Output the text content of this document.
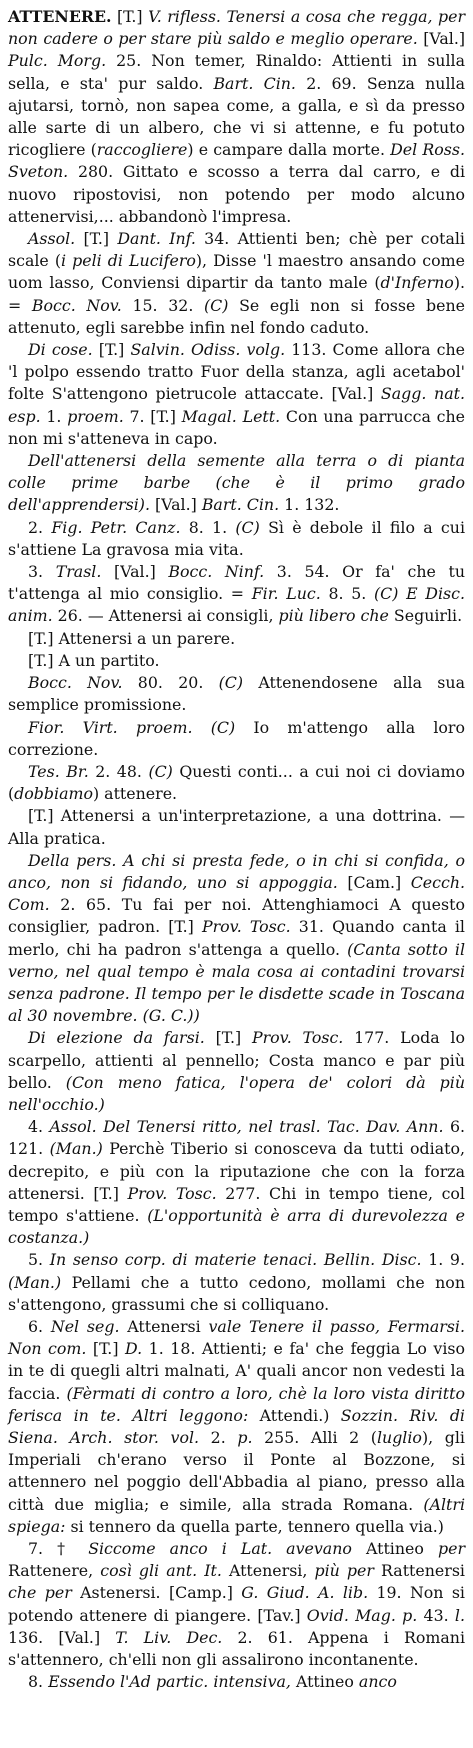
ATTENERE. [T.] V. rifless. Tenersi a cosa che regga, per non cadere o per stare più saldo e meglio operare. [Val.] Pulc. Morg. 25. Non temer, Rinaldo: Attienti in sulla sella, e sta' pur saldo. Bart. Cin. 2. 69. Senza nulla ajutarsi, tornò, non sapea come, a galla, e sì da presso alle sarte di un albero, che vi si attenne, e fu potuto ricogliere (raccogliere) e campare dalla morte. Del Ross. Sveton. 280. Gittato e scosso a terra dal carro, e di nuovo ripostovisi, non potendo per modo alcuno attenervisi,... abbandonò l'impresa.

Assol. [T.] Dant. Inf. 34. Attienti ben; chè per cotali scale (i peli di Lucifero), Disse 'l maestro ansando come uom lasso, Conviensi dipartir da tanto male (d'Inferno). = Bocc. Nov. 15. 32. (C) Se egli non si fosse bene attenuto, egli sarebbe infin nel fondo caduto.

Di cose. [T.] Salvin. Odiss. volg. 113. Come allora che 'l polpo essendo tratto Fuor della stanza, agli acetabol' folte S'attengono pietrucole attaccate. [Val.] Sagg. nat. esp. 1. proem. 7. [T.] Magal. Lett. Con una parrucca che non mi s'atteneva in capo.

Dell'attenersi della semente alla terra o di pianta colle prime barbe (che è il primo grado dell'apprendersi). [Val.] Bart. Cin. 1. 132.

2. Fig. Petr. Canz. 8. 1. (C) Sì è debole il filo a cui s'attiene La gravosa mia vita.

3. Trasl. [Val.] Bocc. Ninf. 3. 54. Or fa' che tu t'attenga al mio consiglio. = Fir. Luc. 8. 5. (C) E Disc. anim. 26. — Attenersi ai consigli, più libero che Seguirli.

[T.] Attenersi a un parere.

[T.] A un partito.

Bocc. Nov. 80. 20. (C) Attenendosene alla sua semplice promissione.

Fior. Virt. proem. (C) Io m'attengo alla loro correzione.

Tes. Br. 2. 48. (C) Questi conti... a cui noi ci doviamo (dobbiamo) attenere.

[T.] Attenersi a un'interpretazione, a una dottrina. — Alla pratica.

Della pers. A chi si presta fede, o in chi si confida, o anco, non si fidando, uno si appoggia. [Cam.] Cecch. Com. 2. 65. Tu fai per noi. Attenghiamoci A questo consiglier, padron. [T.] Prov. Tosc. 31. Quando canta il merlo, chi ha padron s'attenga a quello. (Canta sotto il verno, nel qual tempo è mala cosa ai contadini trovarsi senza padrone. Il tempo per le disdette scade in Toscana al 30 novembre. (G. C.))

Di elezione da farsi. [T.] Prov. Tosc. 177. Loda lo scarpello, attienti al pennello; Costa manco e par più bello. (Con meno fatica, l'opera de' colori dà più nell'occhio.)

4. Assol. Del Tenersi ritto, nel trasl. Tac. Dav. Ann. 6. 121. (Man.) Perchè Tiberio si conosceva da tutti odiato, decrepito, e più con la riputazione che con la forza attenersi. [T.] Prov. Tosc. 277. Chi in tempo tiene, col tempo s'attiene. (L'opportunità è arra di durevolezza e costanza.)

5. In senso corp. di materie tenaci. Bellin. Disc. 1. 9. (Man.) Pellami che a tutto cedono, mollami che non s'attengono, grassumi che si colliquano.

6. Nel seg. Attenersi vale Tenere il passo, Fermarsi. Non com. [T.] D. 1. 18. Attienti; e fa' che feggia Lo viso in te di quegli altri malnati, A' quali ancor non vedesti la faccia. (Fèrmati di contro a loro, chè la loro vista diritto ferisca in te. Altri leggono: Attendi.) Sozzin. Riv. di Siena. Arch. stor. vol. 2. p. 255. Alli 2 (luglio), gli Imperiali ch'erano verso il Ponte al Bozzone, si attennero nel poggio dell'Abbadia al piano, presso alla città due miglia; e simile, alla strada Romana. (Altri spiega: si tennero da quella parte, tennero quella via.)

7. † Siccome anco i Lat. avevano Attineo per Rattenere, così gli ant. It. Attenersi, più per Rattenersi che per Astenersi. [Camp.] G. Giud. A. lib. 19. Non si potendo attenere di piangere. [Tav.] Ovid. Mag. p. 43. l. 136. [Val.] T. Liv. Dec. 2. 61. Appena i Romani s'attennero, ch'elli non gli assalirono incontanente.

8. Essendo l'Ad partic. intensiva, Attineo anco
